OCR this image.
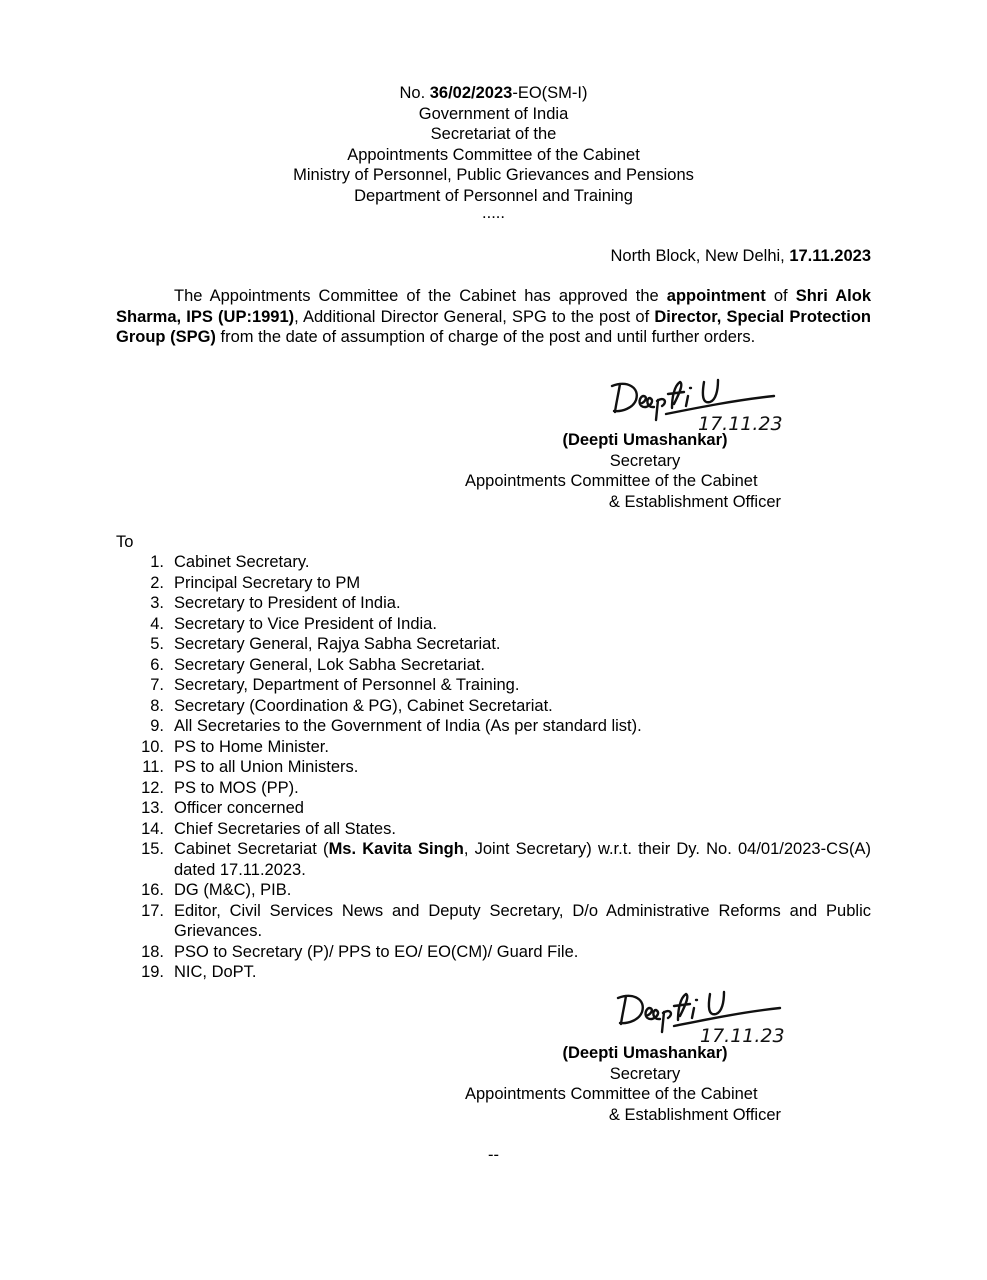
No. 36/02/2023-EO(SM-I)
Government of India
Secretariat of the
Appointments Committee of the Cabinet
Ministry of Personnel, Public Grievances and Pensions
Department of Personnel and Training
.....
North Block, New Delhi, 17.11.2023
The Appointments Committee of the Cabinet has approved the appointment of Shri Alok Sharma, IPS (UP:1991), Additional Director General, SPG to the post of Director, Special Protection Group (SPG) from the date of assumption of charge of the post and until further orders.
17.11.23
(Deepti Umashankar)
Secretary
Appointments Committee of the Cabinet
& Establishment Officer
To
1. Cabinet Secretary.
2. Principal Secretary to PM
3. Secretary to President of India.
4. Secretary to Vice President of India.
5. Secretary General, Rajya Sabha Secretariat.
6. Secretary General, Lok Sabha Secretariat.
7. Secretary, Department of Personnel & Training.
8. Secretary (Coordination & PG), Cabinet Secretariat.
9. All Secretaries to the Government of India (As per standard list).
10. PS to Home Minister.
11. PS to all Union Ministers.
12. PS to MOS (PP).
13. Officer concerned
14. Chief Secretaries of all States.
15. Cabinet Secretariat (Ms. Kavita Singh, Joint Secretary) w.r.t. their Dy. No. 04/01/2023-CS(A) dated 17.11.2023.
16. DG (M&C), PIB.
17. Editor, Civil Services News and Deputy Secretary, D/o Administrative Reforms and Public Grievances.
18. PSO to Secretary (P)/ PPS to EO/ EO(CM)/ Guard File.
19. NIC, DoPT.
17.11.23
(Deepti Umashankar)
Secretary
Appointments Committee of the Cabinet
& Establishment Officer
--
